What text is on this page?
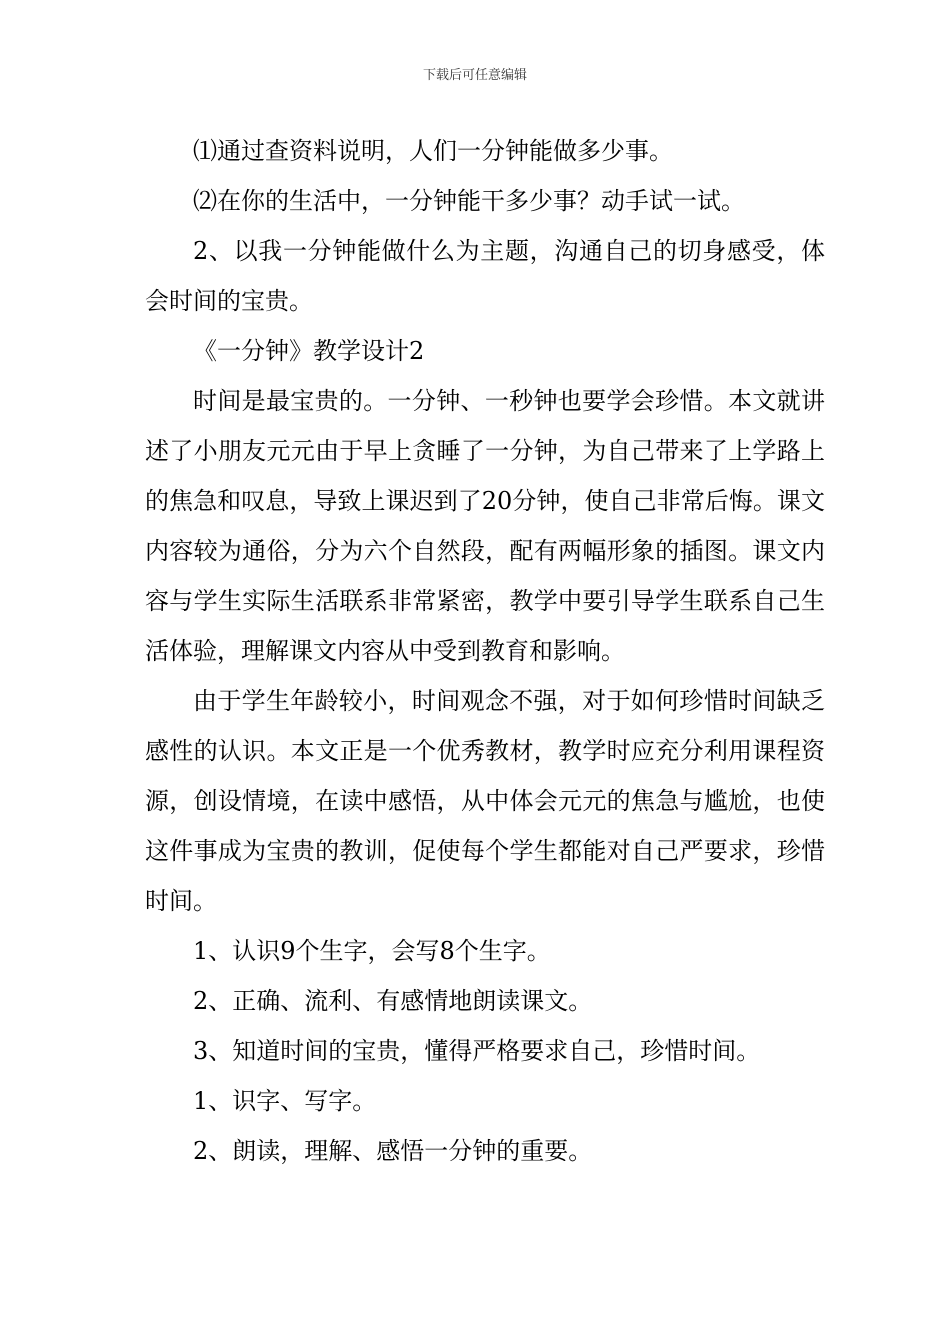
下载后可任意编辑

⑴通过查资料说明，人们一分钟能做多少事。

⑵在你的生活中，一分钟能干多少事？动手试一试。

2、以我一分钟能做什么为主题，沟通自己的切身感受，体会时间的宝贵。

《一分钟》教学设计2

时间是最宝贵的。一分钟、一秒钟也要学会珍惜。本文就讲述了小朋友元元由于早上贪睡了一分钟，为自己带来了上学路上的焦急和叹息，导致上课迟到了20分钟，使自己非常后悔。课文内容较为通俗，分为六个自然段，配有两幅形象的插图。课文内容与学生实际生活联系非常紧密，教学中要引导学生联系自己生活体验，理解课文内容从中受到教育和影响。

由于学生年龄较小，时间观念不强，对于如何珍惜时间缺乏感性的认识。本文正是一个优秀教材，教学时应充分利用课程资源，创设情境，在读中感悟，从中体会元元的焦急与尴尬，也使这件事成为宝贵的教训，促使每个学生都能对自己严要求，珍惜时间。

1、认识9个生字，会写8个生字。

2、正确、流利、有感情地朗读课文。

3、知道时间的宝贵，懂得严格要求自己，珍惜时间。

1、识字、写字。

2、朗读，理解、感悟一分钟的重要。
